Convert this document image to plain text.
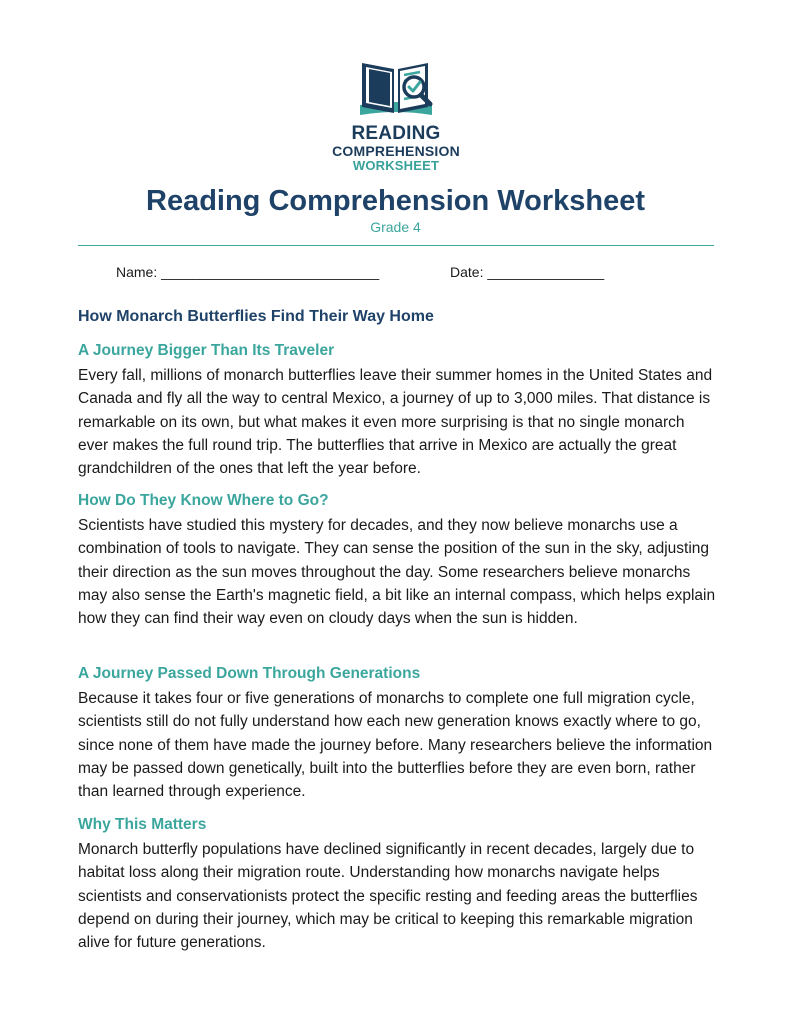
READING
COMPREHENSION
WORKSHEET
Reading Comprehension Worksheet
Grade 4
Name: ____________________________	Date: _______________
How Monarch Butterflies Find Their Way Home
A Journey Bigger Than Its Traveler

Every fall, millions of monarch butterflies leave their summer homes in the United States and Canada and fly all the way to central Mexico, a journey of up to 3,000 miles. That distance is remarkable on its own, but what makes it even more surprising is that no single monarch ever makes the full round trip. The butterflies that arrive in Mexico are actually the great grandchildren of the ones that left the year before.

How Do They Know Where to Go?

Scientists have studied this mystery for decades, and they now believe monarchs use a combination of tools to navigate. They can sense the position of the sun in the sky, adjusting their direction as the sun moves throughout the day. Some researchers believe monarchs may also sense the Earth's magnetic field, a bit like an internal compass, which helps explain how they can find their way even on cloudy days when the sun is hidden.

A Journey Passed Down Through Generations

Because it takes four or five generations of monarchs to complete one full migration cycle, scientists still do not fully understand how each new generation knows exactly where to go, since none of them have made the journey before. Many researchers believe the information may be passed down genetically, built into the butterflies before they are even born, rather than learned through experience.

Why This Matters

Monarch butterfly populations have declined significantly in recent decades, largely due to habitat loss along their migration route. Understanding how monarchs navigate helps scientists and conservationists protect the specific resting and feeding areas the butterflies depend on during their journey, which may be critical to keeping this remarkable migration alive for future generations.
